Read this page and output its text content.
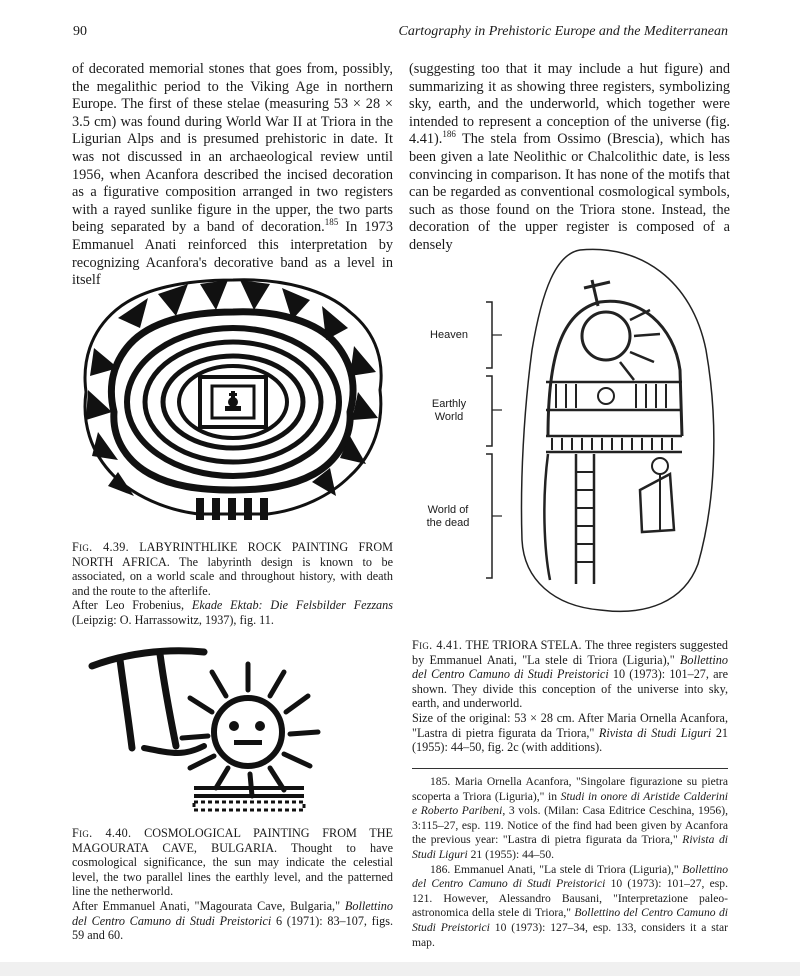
90	Cartography in Prehistoric Europe and the Mediterranean

of decorated memorial stones that goes from, possibly, the megalithic period to the Viking Age in northern Europe. The first of these stelae (measuring 53 × 28 × 3.5 cm) was found during World War II at Triora in the Ligurian Alps and is presumed prehistoric in date. It was not discussed in an archaeological review until 1956, when Acanfora described the incised decoration as a figurative composition arranged in two registers with a rayed sunlike figure in the upper, the two parts being separated by a band of decoration.$^{185}$ In 1973 Emmanuel Anati reinforced this interpretation by recognizing Acanfora's decorative band as a level in itself

(suggesting too that it may include a hut figure) and summarizing it as showing three registers, symbolizing sky, earth, and the underworld, which together were intended to represent a conception of the universe (fig. 4.41).$^{186}$ The stela from Ossimo (Brescia), which has been given a late Neolithic or Chalcolithic date, is less convincing in comparison. It has none of the motifs that can be regarded as conventional cosmological symbols, such as those found on the Triora stone. Instead, the decoration of the upper register is composed of a densely

Fig. 4.39. LABYRINTHLIKE ROCK PAINTING FROM NORTH AFRICA. The labyrinth design is known to be associated, on a world scale and throughout history, with death and the route to the afterlife.

After Leo Frobenius, Ekade Ektab: Die Felsbilder Fezzans (Leipzig: O. Harrassowitz, 1937), fig. 11.

Fig. 4.40. COSMOLOGICAL PAINTING FROM THE MAGOURATA CAVE, BULGARIA. Thought to have cosmological significance, the sun may indicate the celestial level, the two parallel lines the earthly level, and the patterned line the netherworld.

After Emmanuel Anati, "Magourata Cave, Bulgaria," Bollettino del Centro Camuno di Studi Preistorici 6 (1971): 83–107, figs. 59 and 60.

Heaven
Earthly
World
World of
the dead

Fig. 4.41. THE TRIORA STELA. The three registers suggested by Emmanuel Anati, "La stele di Triora (Liguria)," Bollettino del Centro Camuno di Studi Preistorici 10 (1973): 101–27, are shown. They divide this conception of the universe into sky, earth, and underworld.

Size of the original: 53 × 28 cm. After Maria Ornella Acanfora, "Lastra di pietra figurata da Triora," Rivista di Studi Liguri 21 (1955): 44–50, fig. 2c (with additions).

185. Maria Ornella Acanfora, "Singolare figurazione su pietra scoperta a Triora (Liguria)," in Studi in onore di Aristide Calderini e Roberto Paribeni, 3 vols. (Milan: Casa Editrice Ceschina, 1956), 3:115–27, esp. 119. Notice of the find had been given by Acanfora the previous year: "Lastra di pietra figurata da Triora," Rivista di Studi Liguri 21 (1955): 44–50.

186. Emmanuel Anati, "La stele di Triora (Liguria)," Bollettino del Centro Camuno di Studi Preistorici 10 (1973): 101–27, esp. 121. However, Alessandro Bausani, "Interpretazione paleo-astronomica della stele di Triora," Bollettino del Centro Camuno di Studi Preistorici 10 (1973): 127–34, esp. 133, considers it a star map.
